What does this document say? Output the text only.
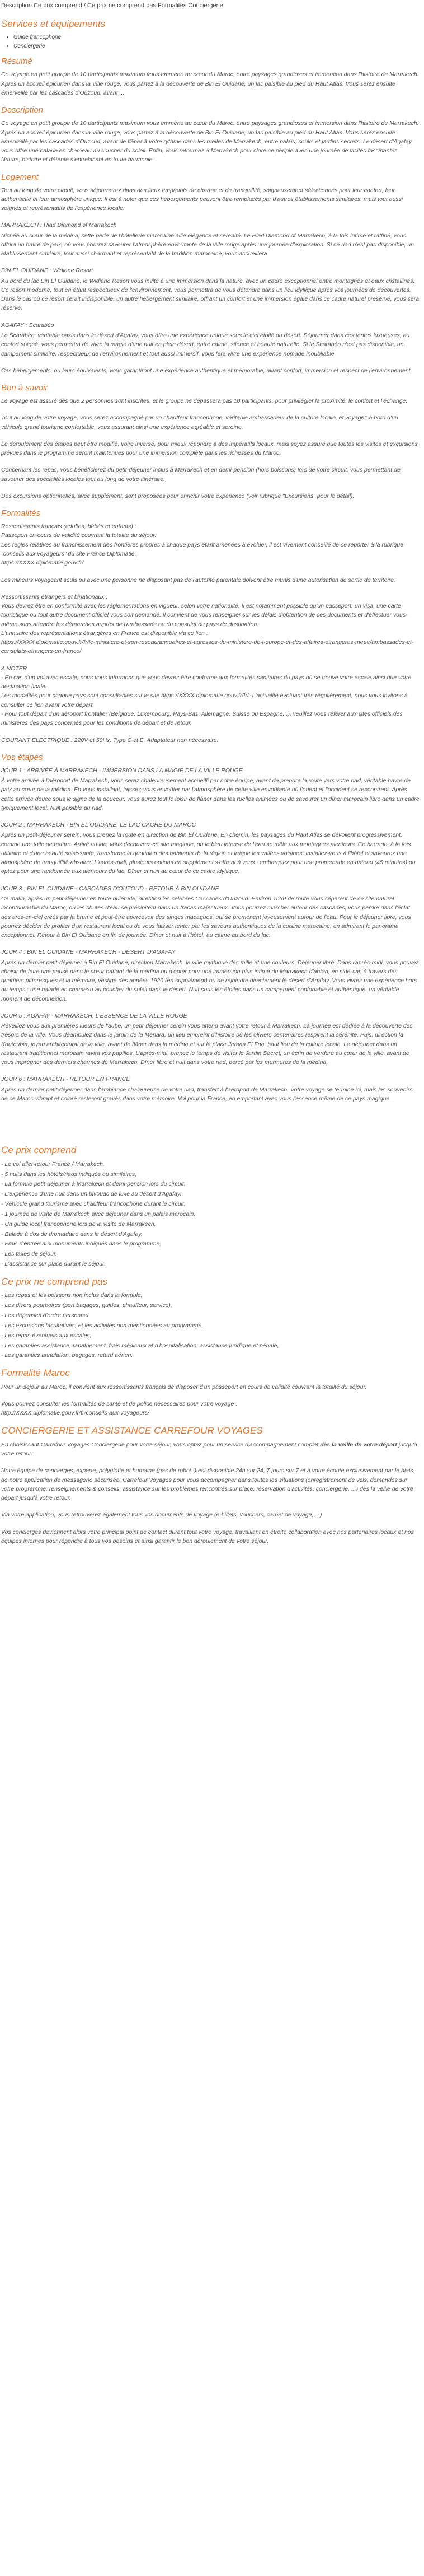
Description Ce prix comprend / Ce prix ne comprend pas Formalités Conciergerie
Services et équipements
• Guide francophone
• Conciergerie
Résumé

Ce voyage en petit groupe de 10 participants maximum vous emmène au cœur du Maroc, entre paysages grandioses et immersion dans l'histoire de Marrakech. Après un accueil épicurien dans la Ville rouge, vous partez à la découverte de Bin El Ouidane, un lac paisible au pied du Haut Atlas. Vous serez ensuite émerveillé par les cascades d'Ouzoud, avant ...

Description

Ce voyage en petit groupe de 10 participants maximum vous emmène au cœur du Maroc, entre paysages grandioses et immersion dans l'histoire de Marrakech. Après un accueil épicurien dans la Ville rouge, vous partez à la découverte de Bin El Ouidane, un lac paisible au pied du Haut Atlas. Vous serez ensuite émerveillé par les cascades d'Ouzoud, avant de flâner à votre rythme dans les ruelles de Marrakech, entre palais, souks et jardins secrets. Le désert d'Agafay vous offre une balade en chameau au coucher du soleil. Enfin, vous retournez à Marrakech pour clore ce périple avec une journée de visites fascinantes. Nature, histoire et détente s'entrelacent en toute harmonie.

Logement

Tout au long de votre circuit, vous séjournerez dans des lieux empreints de charme et de tranquillité, soigneusement sélectionnés pour leur confort, leur authenticité et leur atmosphère unique. Il est à noter que ces hébergements peuvent être remplacés par d'autres établissements similaires, mais tout aussi soignés et représentatifs de l'expérience locale.

MARRAKECH : Riad Diamond of Marrakech

Nichée au cœur de la médina, cette perle de l'hôtellerie marocaine allie élégance et sérénité. Le Riad Diamond of Marrakech, à la fois intime et raffiné, vous offrira un havre de paix, où vous pourrez savourer l'atmosphère envoûtante de la ville rouge après une journée d'exploration. Si ce riad n'est pas disponible, un établissement similaire, tout aussi charmant et représentatif de la tradition marocaine, vous accueillera.

BIN EL OUIDANE : Widiane Resort

Au bord du lac Bin El Ouidane, le Widiane Resort vous invite à une immersion dans la nature, avec un cadre exceptionnel entre montagnes et eaux cristallines. Ce resort moderne, tout en étant respectueux de l'environnement, vous permettra de vous détendre dans un lieu idyllique après vos journées de découvertes. Dans le cas où ce resort serait indisponible, un autre hébergement similaire, offrant un confort et une immersion égale dans ce cadre naturel préservé, vous sera réservé.

AGAFAY : Scarabéo

Le Scarabéo, véritable oasis dans le désert d'Agafay, vous offre une expérience unique sous le ciel étoilé du désert. Séjourner dans ces tentes luxueuses, au confort soigné, vous permettra de vivre la magie d'une nuit en plein désert, entre calme, silence et beauté naturelle. Si le Scarabéo n'est pas disponible, un campement similaire, respectueux de l'environnement et tout aussi immersif, vous fera vivre une expérience nomade inoubliable.

Ces hébergements, ou leurs équivalents, vous garantiront une expérience authentique et mémorable, alliant confort, immersion et respect de l'environnement.

Bon à savoir

Le voyage est assuré dès que 2 personnes sont inscrites, et le groupe ne dépassera pas 10 participants, pour privilégier la proximité, le confort et l'échange.

Tout au long de votre voyage, vous serez accompagné par un chauffeur francophone, véritable ambassadeur de la culture locale, et voyagez à bord d'un véhicule grand tourisme confortable, vous assurant ainsi une expérience agréable et sereine.

Le déroulement des étapes peut être modifié, voire inversé, pour mieux répondre à des impératifs locaux, mais soyez assuré que toutes les visites et excursions prévues dans le programme seront maintenues pour une immersion complète dans les richesses du Maroc.

Concernant les repas, vous bénéficierez du petit-déjeuner inclus à Marrakech et en demi-pension (hors boissons) lors de votre circuit, vous permettant de savourer des spécialités locales tout au long de votre itinéraire.

Des excursions optionnelles, avec supplément, sont proposées pour enrichir votre expérience (voir rubrique "Excursions" pour le détail).

Formalités

Ressortissants français (adultes, bébés et enfants) :

Passeport en cours de validité couvrant la totalité du séjour.

Les règles relatives au franchissement des frontières propres à chaque pays étant amenées à évoluer, il est vivement conseillé de se reporter à la rubrique "conseils aux voyageurs" du site France Diplomatie,

https://XXXX.diplomatie.gouv.fr/

Les mineurs voyageant seuls ou avec une personne ne disposant pas de l'autorité parentale doivent être munis d'une autorisation de sortie de territoire.

Ressortissants étrangers et binationaux :

Vous devrez être en conformité avec les réglementations en vigueur, selon votre nationalité. Il est notamment possible qu'un passeport, un visa, une carte touristique ou tout autre document officiel vous soit demandé. Il convient de vous renseigner sur les délais d'obtention de ces documents et d'effectuer vous-même sans attendre les démarches auprès de l'ambassade ou du consulat du pays de destination.

L'annuaire des représentations étrangères en France est disponible via ce lien :

https://XXXX.diplomatie.gouv.fr/fr/le-ministere-et-son-reseau/annuaires-et-adresses-du-ministere-de-l-europe-et-des-affaires-etrangeres-meae/ambassades-et-consulats-etrangers-en-france/

A NOTER

- En cas d'un vol avec escale, nous vous informons que vous devrez être conforme aux formalités sanitaires du pays où se trouve votre escale ainsi que votre destination finale.

Les modalités pour chaque pays sont consultables sur le site https://XXXX.diplomatie.gouv.fr/fr/. L'actualité évoluant très régulièrement, nous vous invitons à consulter ce lien avant votre départ.

- Pour tout départ d'un aéroport frontalier (Belgique, Luxembourg, Pays-Bas, Allemagne, Suisse ou Espagne...), veuillez vous référer aux sites officiels des ministères des pays concernés pour les conditions de départ et de retour.

COURANT ELECTRIQUE : 220V et 50Hz. Type C et E. Adaptateur non nécessaire.

Vos étapes

JOUR 1 : ARRIVÉE À MARRAKECH - IMMERSION DANS LA MAGIE DE LA VILLE ROUGE

À votre arrivée à l'aéroport de Marrakech, vous serez chaleureusement accueilli par notre équipe, avant de prendre la route vers votre riad, véritable havre de paix au cœur de la médina. En vous installant, laissez-vous envoûter par l'atmosphère de cette ville envoûtante où l'orient et l'occident se rencontrent. Après cette arrivée douce sous le signe de la douceur, vous aurez tout le loisir de flâner dans les ruelles animées ou de savourer un dîner marocain libre dans un cadre typiquement local. Nuit paisible au riad.

JOUR 2 : MARRAKECH - BIN EL OUIDANE, LE LAC CACHÉ DU MAROC

Après un petit-déjeuner serein, vous prenez la route en direction de Bin El Ouidane. En chemin, les paysages du Haut Atlas se dévoilent progressivement, comme une toile de maître. Arrivé au lac, vous découvrez ce site magique, où le bleu intense de l'eau se mêle aux montagnes alentours. Ce barrage, à la fois utilitaire et d'une beauté saisissante, transforme la quotidien des habitants de la région et irrigue les vallées voisines. Installez-vous à l'hôtel et savourez une atmosphère de tranquillité absolue. L'après-midi, plusieurs options en supplément s'offrent à vous : embarquez pour une promenade en bateau (45 minutes) ou optez pour une randonnée aux alentours du lac. Dîner et nuit au cœur de ce cadre idyllique.

JOUR 3 : BIN EL OUIDANE - CASCADES D'OUZOUD - RETOUR À BIN OUIDANE

Ce matin, après un petit-déjeuner en toute quiétude, direction les célèbres Cascades d'Ouzoud. Environ 1h30 de route vous séparent de ce site naturel incontournable du Maroc, où les chutes d'eau se précipitent dans un fracas majestueux. Vous pourrez marcher autour des cascades, vous perdre dans l'éclat des arcs-en-ciel créés par la brume et peut-être apercevoir des singes macaques, qui se promènent joyeusement autour de l'eau. Pour le déjeuner libre, vous pourrez décider de profiter d'un restaurant local ou de vous laisser tenter par les saveurs authentiques de la cuisine marocaine, en admirant le panorama exceptionnel. Retour à Bin El Ouidane en fin de journée. Dîner et nuit à l'hôtel, au calme au bord du lac.

JOUR 4 : BIN EL OUIDANE - MARRAKECH - DÉSERT D'AGAFAY

Après un dernier petit-déjeuner à Bin El Ouidane, direction Marrakech, la ville mythique des mille et une couleurs. Déjeuner libre. Dans l'après-midi, vous pouvez choisir de faire une pause dans le cœur battant de la médina ou d'opter pour une immersion plus intime du Marrakech d'antan, en side-car, à travers des quartiers pittoresques et la mémoire, vestige des années 1920 (en supplément) ou de rejoindre directement le désert d'Agafay. Vous vivrez une expérience hors du temps : une balade en chameau au coucher du soleil dans le désert. Nuit sous les étoiles dans un campement confortable et authentique, un véritable moment de déconnexion.

JOUR 5 : AGAFAY - MARRAKECH, L'ESSENCE DE LA VILLE ROUGE

Réveillez-vous aux premières lueurs de l'aube, un petit-déjeuner serein vous attend avant votre retour à Marrakech. La journée est dédiée à la découverte des trésors de la ville. Vous déambulez dans le jardin de la Ménara, un lieu empreint d'histoire où les oliviers centenaires respirent la sérénité. Puis, direction la Koutoubia, joyau architectural de la ville, avant de flâner dans la médina et sur la place Jemaa El Fna, haut lieu de la culture locale. Le déjeuner dans un restaurant traditionnel marocain ravira vos papilles. L'après-midi, prenez le temps de visiter le Jardin Secret, un écrin de verdure au cœur de la ville, avant de vous imprégner des derniers charmes de Marrakech. Dîner libre et nuit dans votre riad, bercé par les murmures de la médina.

JOUR 6 : MARRAKECH - RETOUR EN FRANCE

Après un dernier petit-déjeuner dans l'ambiance chaleureuse de votre riad, transfert à l'aéroport de Marrakech. Votre voyage se termine ici, mais les souvenirs de ce Maroc vibrant et coloré resteront gravés dans votre mémoire. Vol pour la France, en emportant avec vous l'essence même de ce pays magique.

Ce prix comprend

- Le vol aller-retour France / Marrakech,

- 5 nuits dans les hôtels/riads indiqués ou similaires,

- La formule petit-déjeuner à Marrakech et demi-pension lors du circuit,

- L'expérience d'une nuit dans un bivouac de luxe au désert d'Agafay,

- Véhicule grand tourisme avec chauffeur francophone durant le circuit,

- 1 journée de visite de Marrakech avec déjeuner dans un palais marocain,

- Un guide local francophone lors de la visite de Marrakech,

- Balade à dos de dromadaire dans le désert d'Agafay,

- Frais d'entrée aux monuments indiqués dans le programme,

- Les taxes de séjour,

- L'assistance sur place durant le séjour.

Ce prix ne comprend pas

- Les repas et les boissons non inclus dans la formule,

- Les divers pourboires (port bagages, guides, chauffeur, service),

- Les dépenses d'ordre personnel

- Les excursions facultatives, et les activités non mentionnées au programme,

- Les repas éventuels aux escales,

- Les garanties assistance, rapatriement, frais médicaux et d'hospitalisation, assistance juridique et pénale,

- Les garanties annulation, bagages, retard aérien.

Formalité Maroc

Pour un séjour au Maroc, il convient aux ressortissants français de disposer d'un passeport en cours de validité couvrant la totalité du séjour.

Vous pouvez consulter les formalités de santé et de police nécessaires pour votre voyage :

http://XXXX.diplomatie.gouv.fr/fr/conseils-aux-voyageurs/

CONCIERGERIE ET ASSISTANCE CARREFOUR VOYAGES

En choisissant Carrefour Voyages Conciergerie pour votre séjour, vous optez pour un service d'accompagnement complet dès la veille de votre départ jusqu'à votre retour.

Notre équipe de concierges, experte, polyglotte et humaine (pas de robot !) est disponible 24h sur 24, 7 jours sur 7 et à votre écoute exclusivement par le biais de notre application de messagerie sécurisée, Carrefour Voyages pour vous accompagner dans toutes les situations (enregistrement de vols, demandes sur votre programme, renseignements & conseils, assistance sur les problèmes rencontrés sur place, réservation d'activités, conciergerie, ...) dès la veille de votre départ jusqu'à votre retour.

Via votre application, vous retrouverez également tous vos documents de voyage (e-billets, vouchers, carnet de voyage, ...)

Vos concierges deviennent alors votre principal point de contact durant tout votre voyage, travaillant en étroite collaboration avec nos partenaires locaux et nos équipes internes pour répondre à tous vos besoins et ainsi garantir le bon déroulement de votre séjour.
